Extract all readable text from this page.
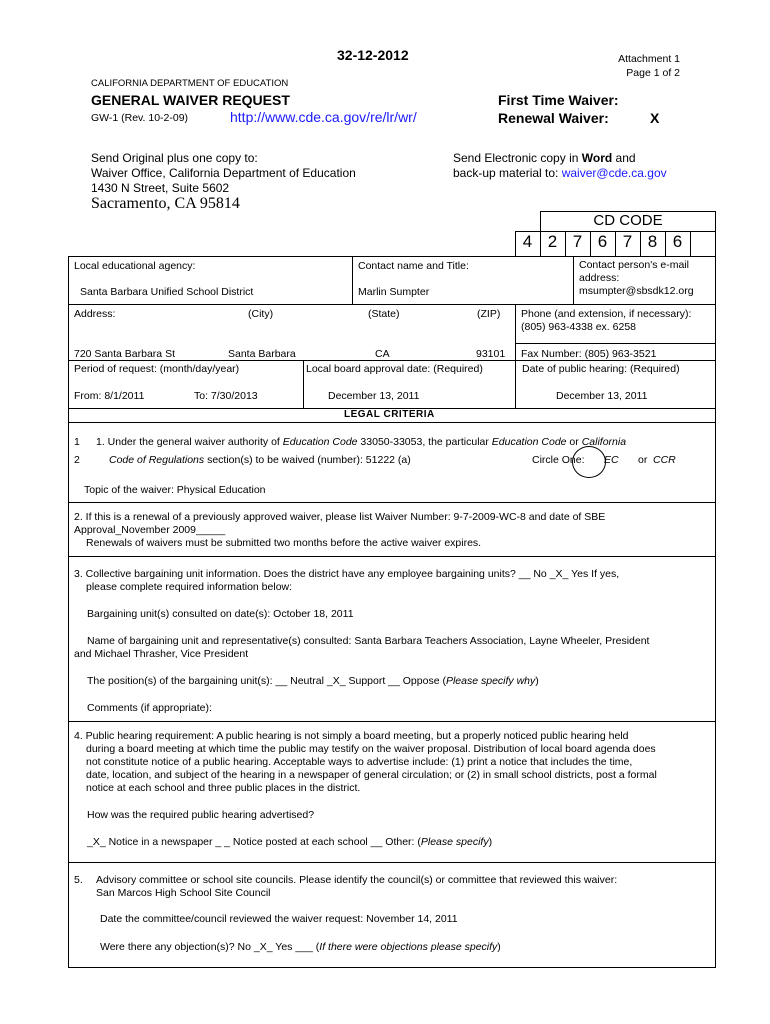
32-12-2012	Attachment 1
Page 1 of 2
CALIFORNIA DEPARTMENT OF EDUCATION
GENERAL WAIVER REQUEST
GW-1 (Rev. 10-2-09)	http://www.cde.ca.gov/re/lr/wr/
First Time Waiver:
Renewal Waiver:	X
Send Original plus one copy to:
Waiver Office, California Department of Education
1430 N Street, Suite 5602
Sacramento, CA 95814
Send Electronic copy in Word and
back-up material to: waiver@cde.ca.gov
CD CODE
4 2 7 6 7 8 6
Local educational agency:
Santa Barbara Unified School District
Contact name and Title:
Marlin Sumpter
Contact person's e-mail
address:
msumpter@sbsdk12.org
Address:	(City)	(State)	(ZIP)
720 Santa Barbara St	Santa Barbara	CA	93101
Phone (and extension, if necessary):
(805) 963-4338 ex. 6258
Fax Number: (805) 963-3521
Period of request: (month/day/year)
From: 8/1/2011	To: 7/30/2013
Local board approval date: (Required)
December 13, 2011
Date of public hearing: (Required)
December 13, 2011
LEGAL CRITERIA
1
2
1. Under the general waiver authority of Education Code 33050-33053, the particular Education Code or California
Code of Regulations section(s) to be waived (number): 51222 (a)	Circle One: EC or CCR
Topic of the waiver: Physical Education
2. If this is a renewal of a previously approved waiver, please list Waiver Number: 9-7-2009-WC-8 and date of SBE
Approval_November 2009_____
Renewals of waivers must be submitted two months before the active waiver expires.
3. Collective bargaining unit information. Does the district have any employee bargaining units? __ No _X_ Yes If yes,
please complete required information below:
Bargaining unit(s) consulted on date(s): October 18, 2011
Name of bargaining unit and representative(s) consulted: Santa Barbara Teachers Association, Layne Wheeler, President
and Michael Thrasher, Vice President
The position(s) of the bargaining unit(s): __ Neutral _X_ Support __ Oppose (Please specify why)
Comments (if appropriate):
4. Public hearing requirement: A public hearing is not simply a board meeting, but a properly noticed public hearing held
during a board meeting at which time the public may testify on the waiver proposal. Distribution of local board agenda does
not constitute notice of a public hearing. Acceptable ways to advertise include: (1) print a notice that includes the time,
date, location, and subject of the hearing in a newspaper of general circulation; or (2) in small school districts, post a formal
notice at each school and three public places in the district.
How was the required public hearing advertised?
_X_ Notice in a newspaper _ _ Notice posted at each school __ Other: (Please specify)
5. Advisory committee or school site councils. Please identify the council(s) or committee that reviewed this waiver:
San Marcos High School Site Council
Date the committee/council reviewed the waiver request: November 14, 2011
Were there any objection(s)? No _X_ Yes ___ (If there were objections please specify)
